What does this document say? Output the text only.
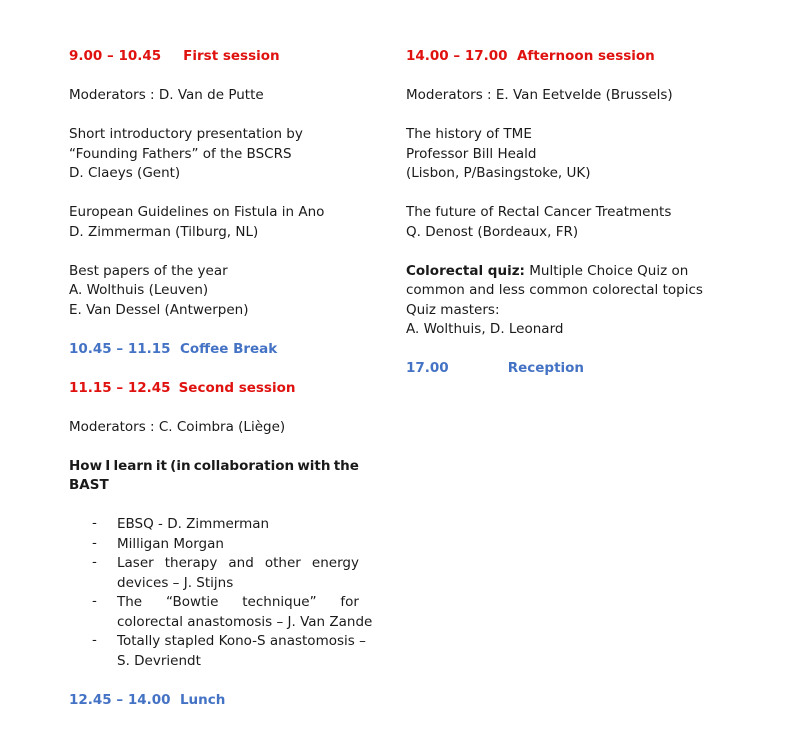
9.00 – 10.45 First session
Moderators : D. Van de Putte
Short introductory presentation by
“Founding Fathers” of the BSCRS
D. Claeys (Gent)
European Guidelines on Fistula in Ano
D. Zimmerman (Tilburg, NL)
Best papers of the year
A. Wolthuis (Leuven)
E. Van Dessel (Antwerpen)
10.45 – 11.15  Coffee Break
11.15 – 12.45 Second session
Moderators : C. Coimbra (Liège)
How I learn it (in collaboration with the
BAST
- EBSQ - D. Zimmerman
- Milligan Morgan
- Laser therapy and other energy
devices – J. Stijns
- The “Bowtie technique” for
colorectal anastomosis – J. Van Zande
- Totally stapled Kono-S anastomosis –
S. Devriendt
12.45 – 14.00  Lunch
14.00 – 17.00  Afternoon session
Moderators : E. Van Eetvelde (Brussels)
The history of TME
Professor Bill Heald
(Lisbon, P/Basingstoke, UK)
The future of Rectal Cancer Treatments
Q. Denost (Bordeaux, FR)
Colorectal quiz: Multiple Choice Quiz on
common and less common colorectal topics
Quiz masters:
A. Wolthuis, D. Leonard
17.00	Reception
